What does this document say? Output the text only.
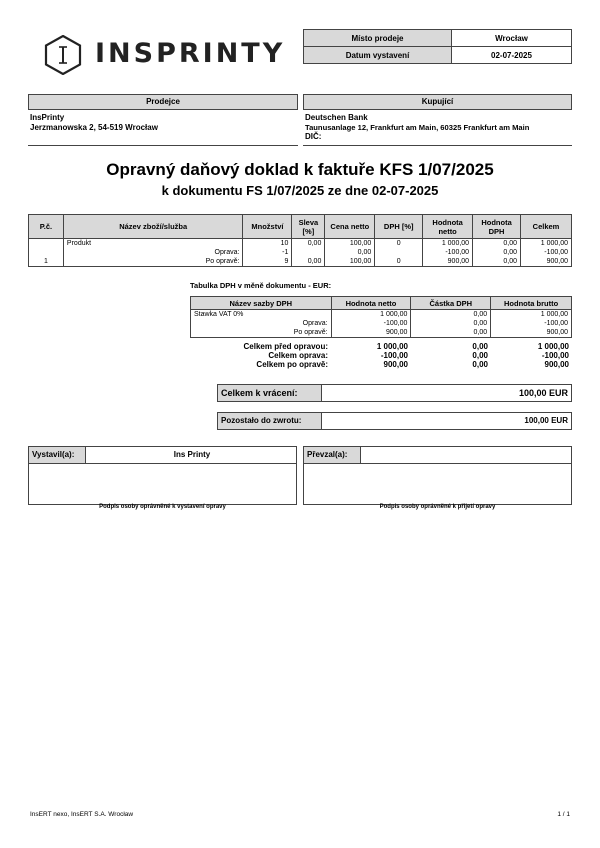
INSPRINTY	Místo prodeje	Wrocław
Datum vystavení	02-07-2025
Prodejce
InsPrinty
Jerzmanowska 2, 54-519 Wrocław
Kupující
Deutschen Bank
Taunusanlage 12, Frankfurt am Main, 60325 Frankfurt am Main
DIČ:
Opravný daňový doklad k faktuře KFS 1/07/2025
k dokumentu FS 1/07/2025 ze dne 02-07-2025
P.č.	Název zboží/služba	Množství	Sleva [%]	Cena netto	DPH [%]	Hodnota netto	Hodnota DPH	Celkem
	Produkt	10	0,00	100,00	0	1 000,00	0,00	1 000,00
	Oprava:	-1		0,00		-100,00	0,00	-100,00
1	Po opravě:	9	0,00	100,00	0	900,00	0,00	900,00
Tabulka DPH v měně dokumentu - EUR:
Název sazby DPH	Hodnota netto	Částka DPH	Hodnota brutto
Stawka VAT 0%	1 000,00	0,00	1 000,00
Oprava:	-100,00	0,00	-100,00
Po opravě:	900,00	0,00	900,00
Celkem před opravou:	1 000,00	0,00	1 000,00
Celkem oprava:	-100,00	0,00	-100,00
Celkem po opravě:	900,00	0,00	900,00
Celkem k vrácení:	100,00 EUR
Pozostało do zwrotu:	100,00 EUR
Vystavil(a):	Ins Printy
Podpis osoby oprávněné k vystavení opravy
Převzal(a):
Podpis osoby oprávněné k přijetí opravy
InsERT nexo, InsERT S.A. Wrocław	1 / 1
